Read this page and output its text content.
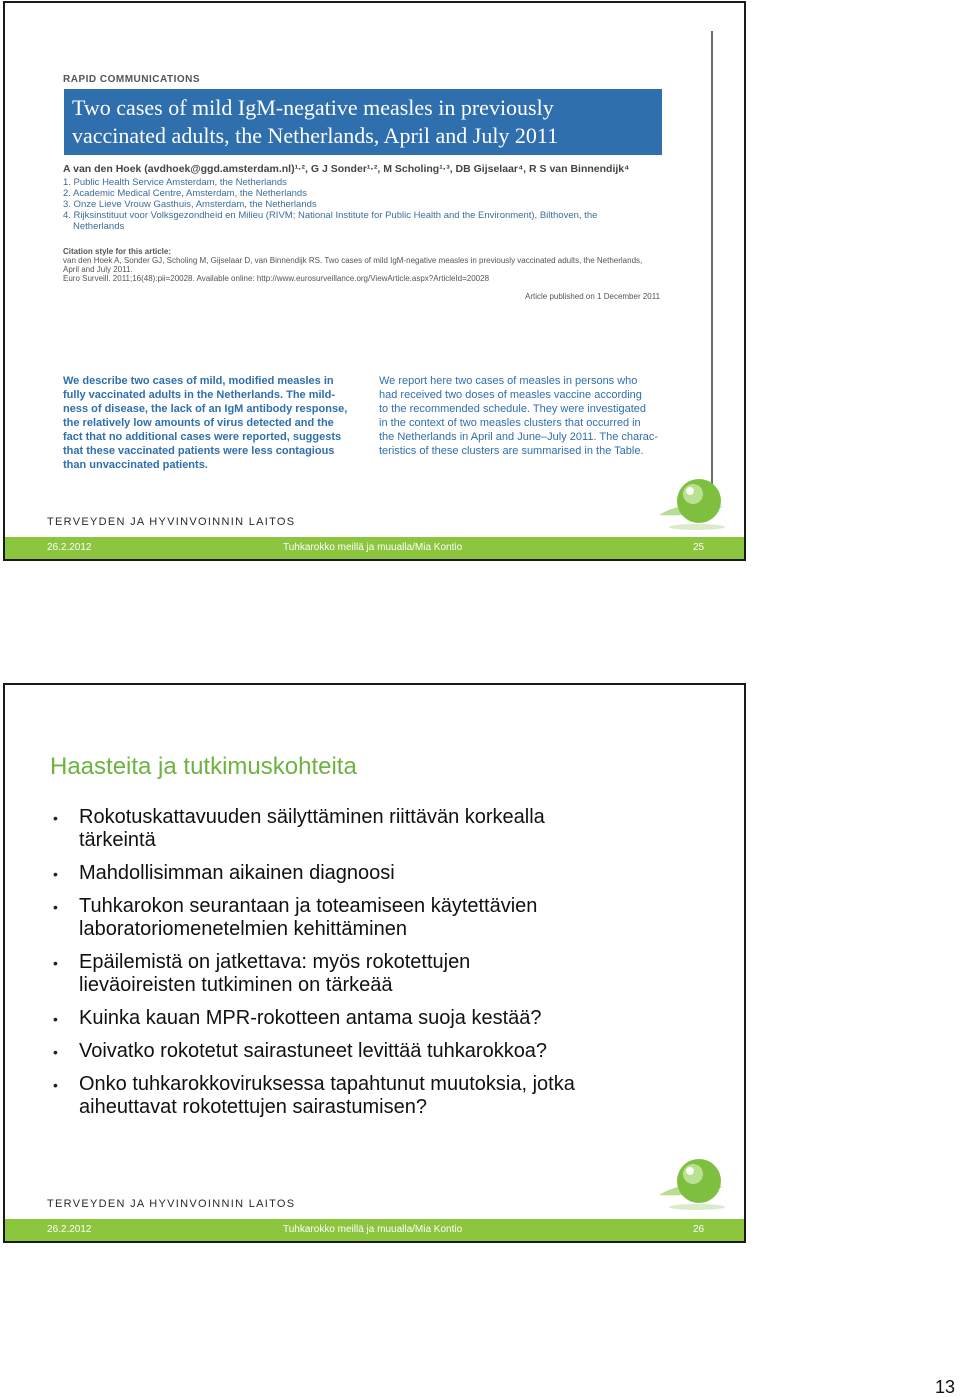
RAPID COMMUNICATIONS
Two cases of mild IgM-negative measles in previously
vaccinated adults, the Netherlands, April and July 2011
A van den Hoek (avdhoek@ggd.amsterdam.nl)¹·², G J Sonder¹·², M Scholing¹·³, DB Gijselaar⁴, R S van Binnendijk⁴
1. Public Health Service Amsterdam, the Netherlands
2. Academic Medical Centre, Amsterdam, the Netherlands
3. Onze Lieve Vrouw Gasthuis, Amsterdam, the Netherlands
4. Rijksinstituut voor Volksgezondheid en Milieu (RIVM; National Institute for Public Health and the Environment), Bilthoven, the
Netherlands
Citation style for this article:
van den Hoek A, Sonder GJ, Scholing M, Gijselaar D, van Binnendijk RS. Two cases of mild IgM-negative measles in previously vaccinated adults, the Netherlands,
April and July 2011.
Euro Surveill. 2011;16(48):pii=20028. Available online: http://www.eurosurveillance.org/ViewArticle.aspx?ArticleId=20028
Article published on 1 December 2011
We describe two cases of mild, modified measles in
fully vaccinated adults in the Netherlands. The mild-
ness of disease, the lack of an IgM antibody response,
the relatively low amounts of virus detected and the
fact that no additional cases were reported, suggests
that these vaccinated patients were less contagious
than unvaccinated patients.
We report here two cases of measles in persons who
had received two doses of measles vaccine according
to the recommended schedule. They were investigated
in the context of two measles clusters that occurred in
the Netherlands in April and June–July 2011. The charac-
teristics of these clusters are summarised in the Table.
TERVEYDEN JA HYVINVOINNIN LAITOS
26.2.2012	Tuhkarokko meillä ja muualla/Mia Kontio	25
Haasteita ja tutkimuskohteita
• Rokotuskattavuuden säilyttäminen riittävän korkealla
tärkeintä
• Mahdollisimman aikainen diagnoosi
• Tuhkarokon seurantaan ja toteamiseen käytettävien
laboratoriomenetelmien kehittäminen
• Epäilemistä on jatkettava: myös rokotettujen
lieväoireisten tutkiminen on tärkeää
• Kuinka kauan MPR-rokotteen antama suoja kestää?
• Voivatko rokotetut sairastuneet levittää tuhkarokkoa?
• Onko tuhkarokkoviruksessa tapahtunut muutoksia, jotka
aiheuttavat rokotettujen sairastumisen?
TERVEYDEN JA HYVINVOINNIN LAITOS
26.2.2012	Tuhkarokko meillä ja muualla/Mia Kontio	26
13
